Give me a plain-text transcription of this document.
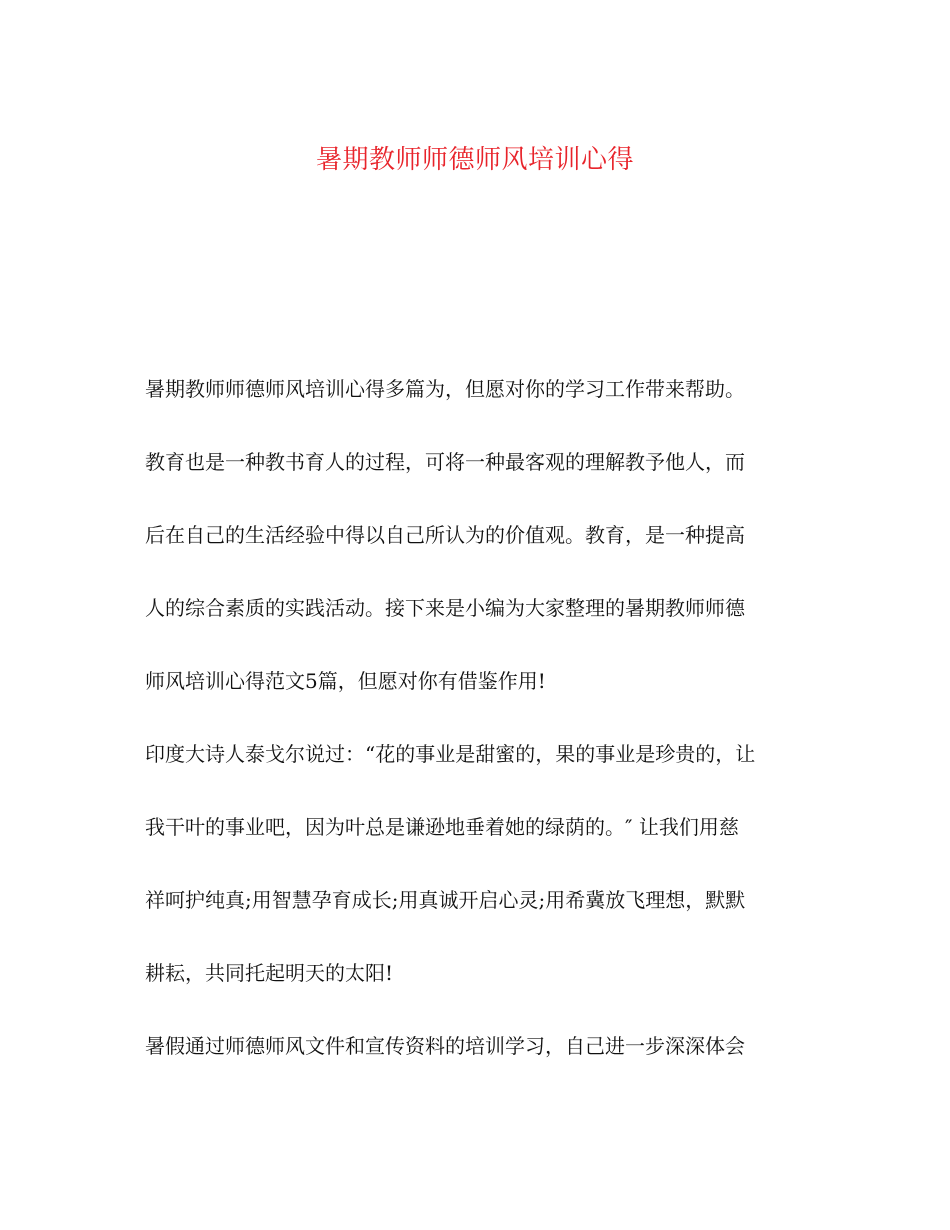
暑期教师师德师风培训心得
暑期教师师德师风培训心得多篇为，但愿对你的学习工作带来帮助。
教育也是一种教书育人的过程，可将一种最客观的理解教予他人，而
后在自己的生活经验中得以自己所认为的价值观。教育，是一种提高
人的综合素质的实践活动。接下来是小编为大家整理的暑期教师师德
师风培训心得范文5篇，但愿对你有借鉴作用!
印度大诗人泰戈尔说过：“花的事业是甜蜜的，果的事业是珍贵的，让
我干叶的事业吧，因为叶总是谦逊地垂着她的绿荫的。″ 让我们用慈
祥呵护纯真;用智慧孕育成长;用真诚开启心灵;用希冀放飞理想，默默
耕耘，共同托起明天的太阳!
暑假通过师德师风文件和宣传资料的培训学习，自己进一步深深体会
